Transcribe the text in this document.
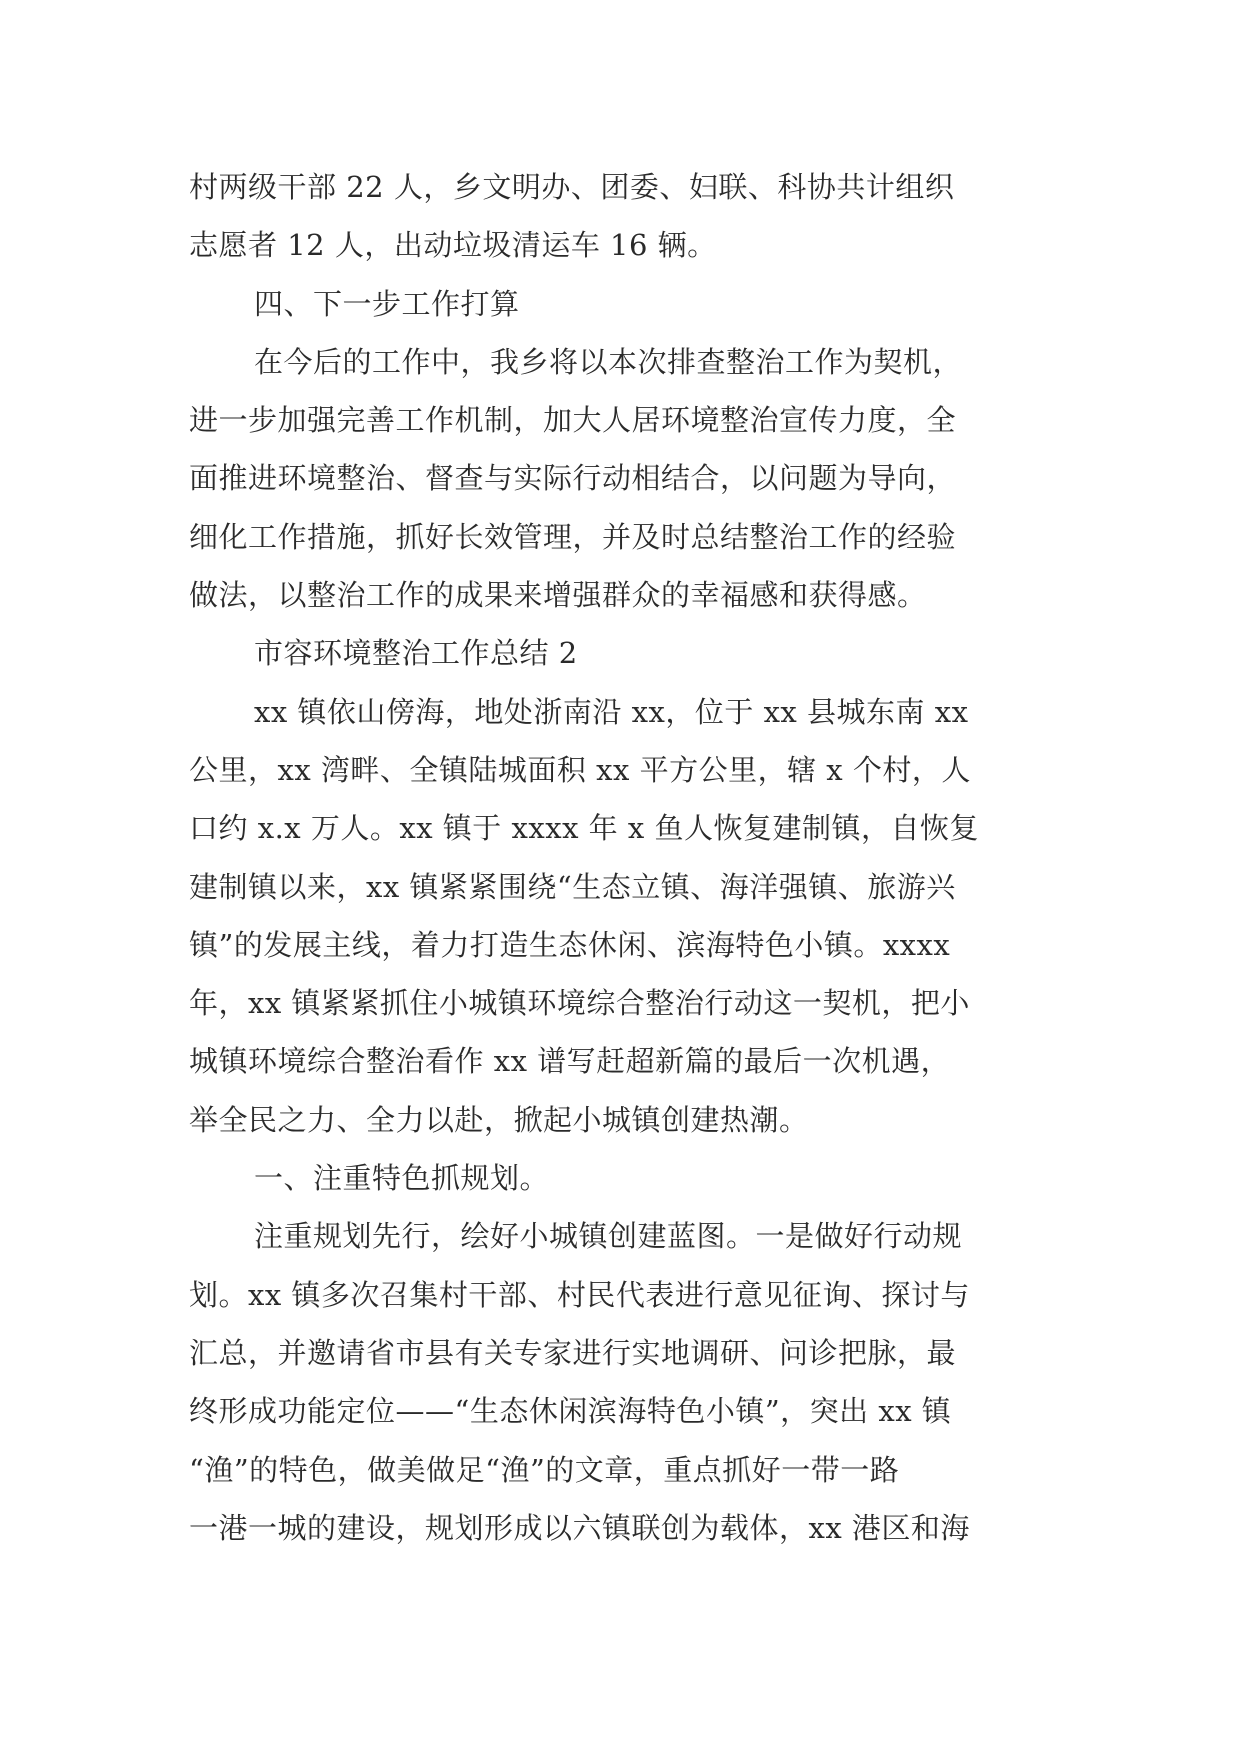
村两级干部 22 人，乡文明办、团委、妇联、科协共计组织
志愿者 12 人，出动垃圾清运车 16 辆。
四、下一步工作打算
在今后的工作中，我乡将以本次排查整治工作为契机，
进一步加强完善工作机制，加大人居环境整治宣传力度，全
面推进环境整治、督查与实际行动相结合，以问题为导向，
细化工作措施，抓好长效管理，并及时总结整治工作的经验
做法，以整治工作的成果来增强群众的幸福感和获得感。
市容环境整治工作总结 2
xx 镇依山傍海，地处浙南沿 xx，位于 xx 县城东南 xx
公里，xx 湾畔、全镇陆城面积 xx 平方公里，辖 x 个村，人
口约 x.x 万人。xx 镇于 xxxx 年 x 鱼人恢复建制镇，自恢复
建制镇以来，xx 镇紧紧围绕“生态立镇、海洋强镇、旅游兴
镇”的发展主线，着力打造生态休闲、滨海特色小镇。xxxx
年，xx 镇紧紧抓住小城镇环境综合整治行动这一契机，把小
城镇环境综合整治看作 xx 谱写赶超新篇的最后一次机遇，
举全民之力、全力以赴，掀起小城镇创建热潮。
一、注重特色抓规划。
注重规划先行，绘好小城镇创建蓝图。一是做好行动规
划。xx 镇多次召集村干部、村民代表进行意见征询、探讨与
汇总，并邀请省市县有关专家进行实地调研、问诊把脉，最
终形成功能定位——“生态休闲滨海特色小镇”，突出 xx 镇
“渔”的特色，做美做足“渔”的文章，重点抓好一带一路
一港一城的建设，规划形成以六镇联创为载体，xx 港区和海
